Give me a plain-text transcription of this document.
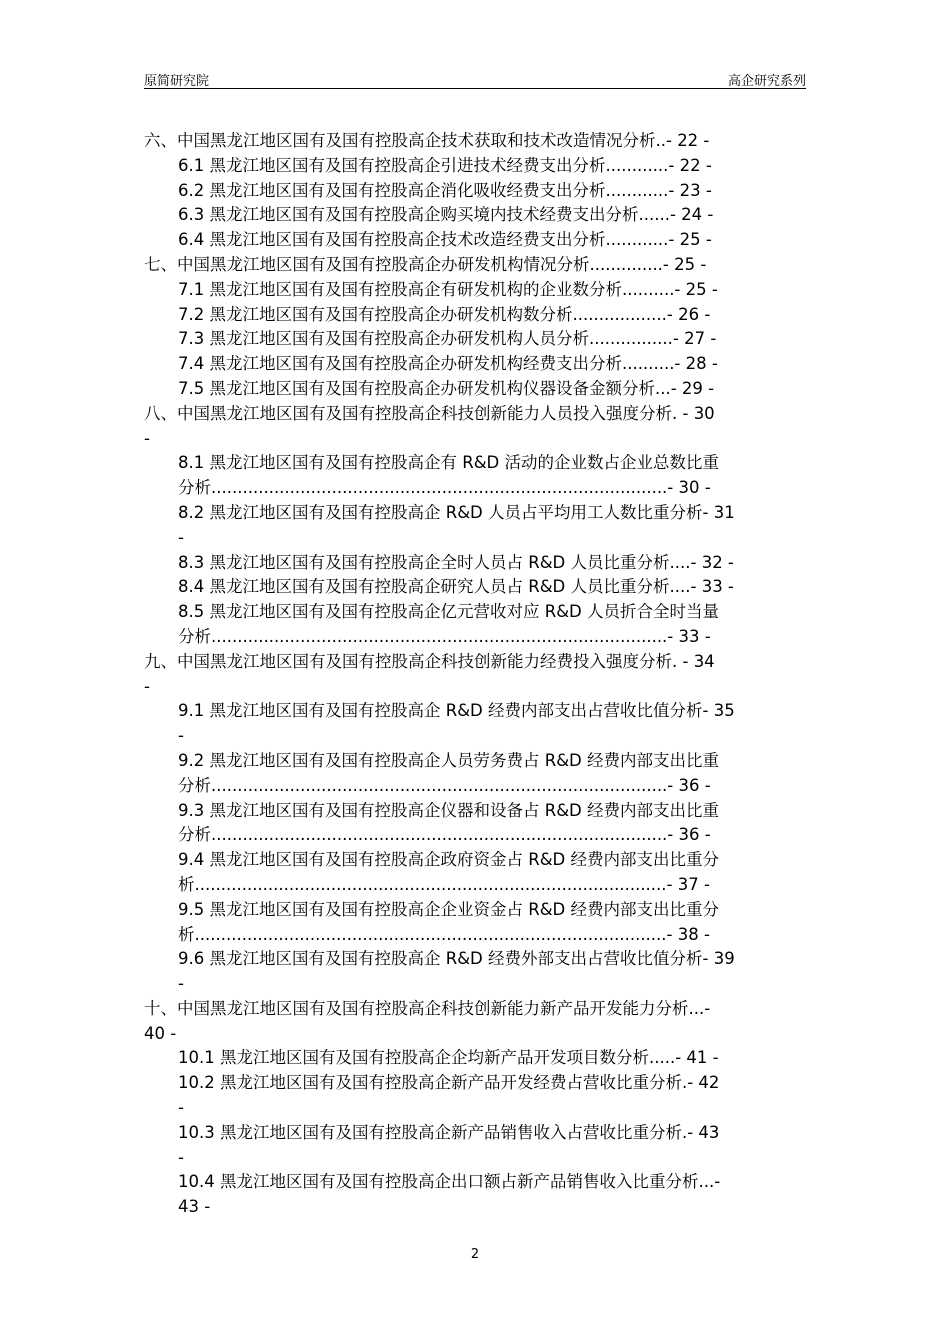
原简研究院	高企研究系列
六、中国黑龙江地区国有及国有控股高企技术获取和技术改造情况分析..- 22 -
6.1 黑龙江地区国有及国有控股高企引进技术经费支出分析............- 22 -
6.2 黑龙江地区国有及国有控股高企消化吸收经费支出分析............- 23 -
6.3 黑龙江地区国有及国有控股高企购买境内技术经费支出分析......- 24 -
6.4 黑龙江地区国有及国有控股高企技术改造经费支出分析............- 25 -
七、中国黑龙江地区国有及国有控股高企办研发机构情况分析..............- 25 -
7.1 黑龙江地区国有及国有控股高企有研发机构的企业数分析..........- 25 -
7.2 黑龙江地区国有及国有控股高企办研发机构数分析..................- 26 -
7.3 黑龙江地区国有及国有控股高企办研发机构人员分析................- 27 -
7.4 黑龙江地区国有及国有控股高企办研发机构经费支出分析..........- 28 -
7.5 黑龙江地区国有及国有控股高企办研发机构仪器设备金额分析...- 29 -
八、中国黑龙江地区国有及国有控股高企科技创新能力人员投入强度分析. - 30
-
8.1 黑龙江地区国有及国有控股高企有 R&D 活动的企业数占企业总数比重
分析.......................................................................................- 30 -
8.2 黑龙江地区国有及国有控股高企 R&D 人员占平均用工人数比重分析- 31
-
8.3 黑龙江地区国有及国有控股高企全时人员占 R&D 人员比重分析....- 32 -
8.4 黑龙江地区国有及国有控股高企研究人员占 R&D 人员比重分析....- 33 -
8.5 黑龙江地区国有及国有控股高企亿元营收对应 R&D 人员折合全时当量
分析.......................................................................................- 33 -
九、中国黑龙江地区国有及国有控股高企科技创新能力经费投入强度分析. - 34
-
9.1 黑龙江地区国有及国有控股高企 R&D 经费内部支出占营收比值分析- 35
-
9.2 黑龙江地区国有及国有控股高企人员劳务费占 R&D 经费内部支出比重
分析.......................................................................................- 36 -
9.3 黑龙江地区国有及国有控股高企仪器和设备占 R&D 经费内部支出比重
分析.......................................................................................- 36 -
9.4 黑龙江地区国有及国有控股高企政府资金占 R&D 经费内部支出比重分
析..........................................................................................- 37 -
9.5 黑龙江地区国有及国有控股高企企业资金占 R&D 经费内部支出比重分
析..........................................................................................- 38 -
9.6 黑龙江地区国有及国有控股高企 R&D 经费外部支出占营收比值分析- 39
-
十、中国黑龙江地区国有及国有控股高企科技创新能力新产品开发能力分析...-
40 -
10.1 黑龙江地区国有及国有控股高企企均新产品开发项目数分析.....- 41 -
10.2 黑龙江地区国有及国有控股高企新产品开发经费占营收比重分析.- 42
-
10.3 黑龙江地区国有及国有控股高企新产品销售收入占营收比重分析.- 43
-
10.4 黑龙江地区国有及国有控股高企出口额占新产品销售收入比重分析...-
43 -
2
